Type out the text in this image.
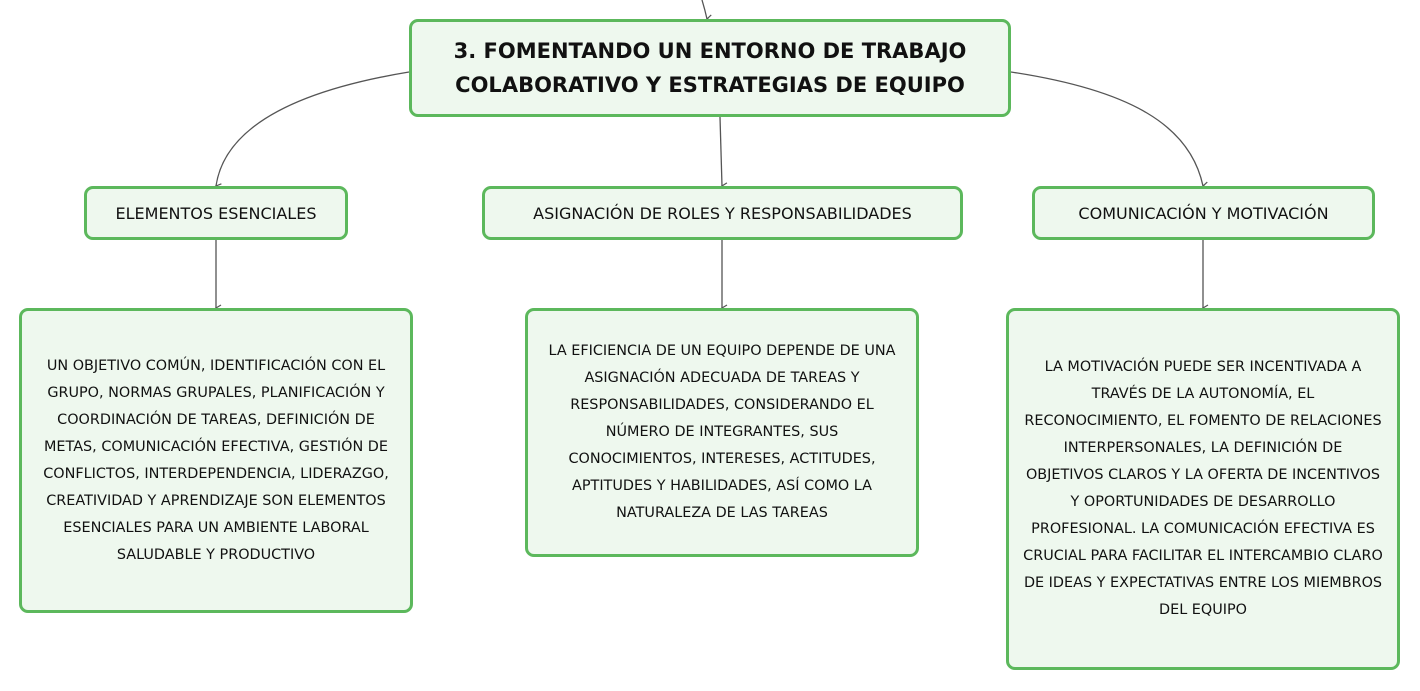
3. FOMENTANDO UN ENTORNO DE TRABAJO
COLABORATIVO Y ESTRATEGIAS DE EQUIPO
ELEMENTOS ESENCIALES	ASIGNACIÓN DE ROLES Y RESPONSABILIDADES	COMUNICACIÓN Y MOTIVACIÓN
UN OBJETIVO COMÚN, IDENTIFICACIÓN CON EL GRUPO, NORMAS GRUPALES, PLANIFICACIÓN Y COORDINACIÓN DE TAREAS, DEFINICIÓN DE METAS, COMUNICACIÓN EFECTIVA, GESTIÓN DE CONFLICTOS, INTERDEPENDENCIA, LIDERAZGO, CREATIVIDAD Y APRENDIZAJE SON ELEMENTOS ESENCIALES PARA UN AMBIENTE LABORAL SALUDABLE Y PRODUCTIVO
LA EFICIENCIA DE UN EQUIPO DEPENDE DE UNA ASIGNACIÓN ADECUADA DE TAREAS Y RESPONSABILIDADES, CONSIDERANDO EL NÚMERO DE INTEGRANTES, SUS CONOCIMIENTOS, INTERESES, ACTITUDES, APTITUDES Y HABILIDADES, ASÍ COMO LA NATURALEZA DE LAS TAREAS
LA MOTIVACIÓN PUEDE SER INCENTIVADA A TRAVÉS DE LA AUTONOMÍA, EL RECONOCIMIENTO, EL FOMENTO DE RELACIONES INTERPERSONALES, LA DEFINICIÓN DE OBJETIVOS CLAROS Y LA OFERTA DE INCENTIVOS Y OPORTUNIDADES DE DESARROLLO PROFESIONAL. LA COMUNICACIÓN EFECTIVA ES CRUCIAL PARA FACILITAR EL INTERCAMBIO CLARO DE IDEAS Y EXPECTATIVAS ENTRE LOS MIEMBROS DEL EQUIPO
